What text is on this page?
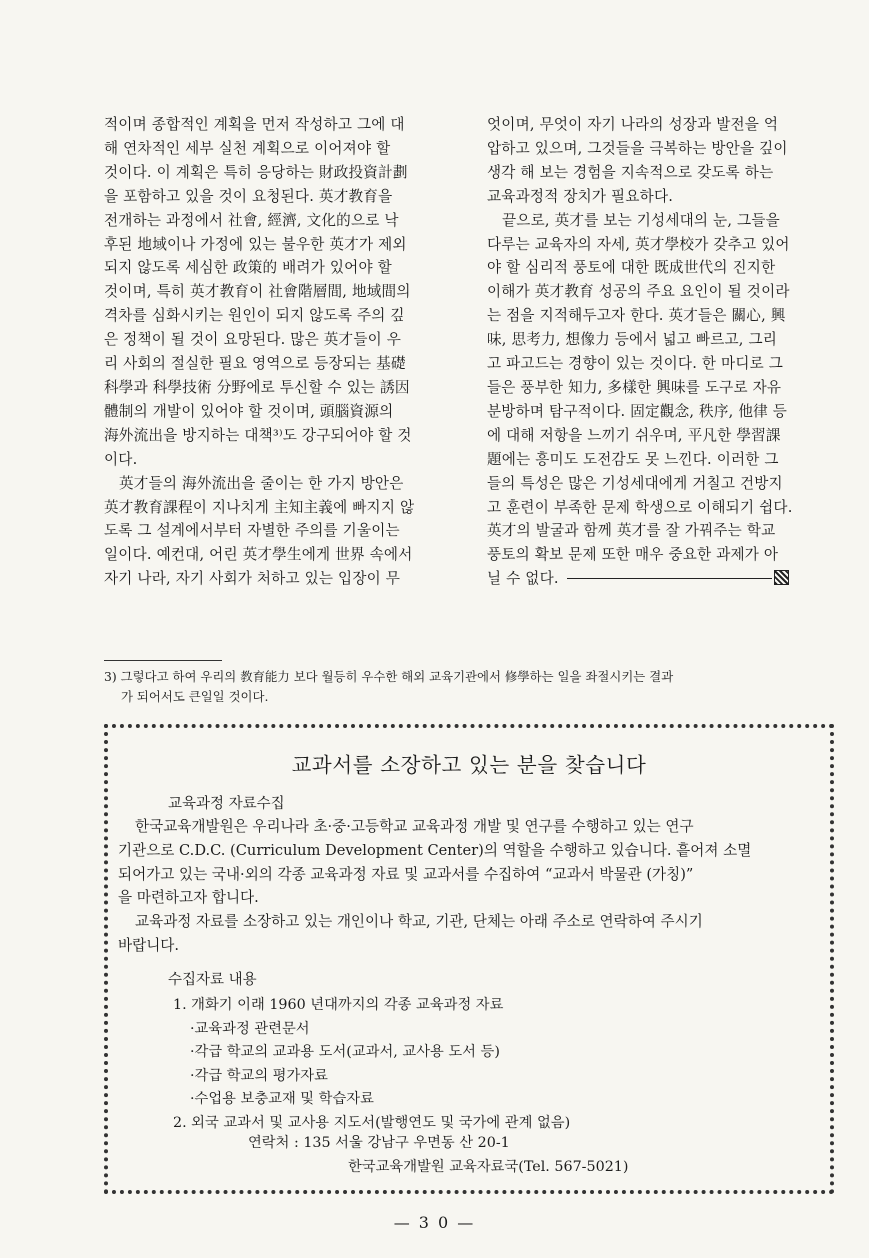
적이며 종합적인 계획을 먼저 작성하고 그에 대
해 연차적인 세부 실천 계획으로 이어져야 할
것이다. 이 계획은 특히 응당하는 財政投資計劃
을 포함하고 있을 것이 요청된다. 英才教育을
전개하는 과정에서 社會, 經濟, 文化的으로 낙
후된 地域이나 가정에 있는 불우한 英才가 제외
되지 않도록 세심한 政策的 배려가 있어야 할
것이며, 특히 英才教育이 社會階層間, 地域間의
격차를 심화시키는 원인이 되지 않도록 주의 깊
은 정책이 될 것이 요망된다. 많은 英才들이 우
리 사회의 절실한 필요 영역으로 등장되는 基礎
科學과 科學技術 分野에로 투신할 수 있는 誘因
體制의 개발이 있어야 할 것이며, 頭腦資源의
海外流出을 방지하는 대책³⁾도 강구되어야 할 것
이다.
英才들의 海外流出을 줄이는 한 가지 방안은
英才教育課程이 지나치게 主知主義에 빠지지 않
도록 그 설계에서부터 자별한 주의를 기울이는
일이다. 예컨대, 어린 英才學生에게 世界 속에서
자기 나라, 자기 사회가 처하고 있는 입장이 무
엇이며, 무엇이 자기 나라의 성장과 발전을 억
압하고 있으며, 그것들을 극복하는 방안을 깊이
생각 해 보는 경험을 지속적으로 갖도록 하는
교육과정적 장치가 필요하다.
끝으로, 英才를 보는 기성세대의 눈, 그들을
다루는 교육자의 자세, 英才學校가 갖추고 있어
야 할 심리적 풍토에 대한 既成世代의 진지한
이해가 英才教育 성공의 주요 요인이 될 것이라
는 점을 지적해두고자 한다. 英才들은 關心, 興
味, 思考力, 想像力 등에서 넓고 빠르고, 그리
고 파고드는 경향이 있는 것이다. 한 마디로 그
들은 풍부한 知力, 多樣한 興味를 도구로 자유
분방하며 탐구적이다. 固定觀念, 秩序, 他律 등
에 대해 저항을 느끼기 쉬우며, 平凡한 學習課
題에는 흥미도 도전감도 못 느낀다. 이러한 그
들의 특성은 많은 기성세대에게 거칠고 건방지
고 훈련이 부족한 문제 학생으로 이해되기 쉽다.
英才의 발굴과 함께 英才를 잘 가꿔주는 학교
풍토의 확보 문제 또한 매우 중요한 과제가 아
닐 수 없다.
3) 그렇다고 하여 우리의 教育能力 보다 월등히 우수한 해외 교육기관에서 修學하는 일을 좌절시키는 결과
가 되어서도 큰일일 것이다.
교과서를 소장하고 있는 분을 찾습니다
교육과정 자료수집
한국교육개발원은 우리나라 초·중·고등학교 교육과정 개발 및 연구를 수행하고 있는 연구
기관으로 C.D.C. (Curriculum Development Center)의 역할을 수행하고 있습니다. 흩어져 소멸
되어가고 있는 국내·외의 각종 교육과정 자료 및 교과서를 수집하여 “교과서 박물관 (가칭)”
을 마련하고자 합니다.
교육과정 자료를 소장하고 있는 개인이나 학교, 기관, 단체는 아래 주소로 연락하여 주시기
바랍니다.
수집자료 내용
1. 개화기 이래 1960 년대까지의 각종 교육과정 자료
·교육과정 관련문서
·각급 학교의 교과용 도서(교과서, 교사용 도서 등)
·각급 학교의 평가자료
·수업용 보충교재 및 학습자료
2. 외국 교과서 및 교사용 지도서(발행연도 및 국가에 관계 없음)
연락처 : 135 서울 강남구 우면동 산 20-1
한국교육개발원 교육자료국(Tel. 567-5021)
— 3 0 —
